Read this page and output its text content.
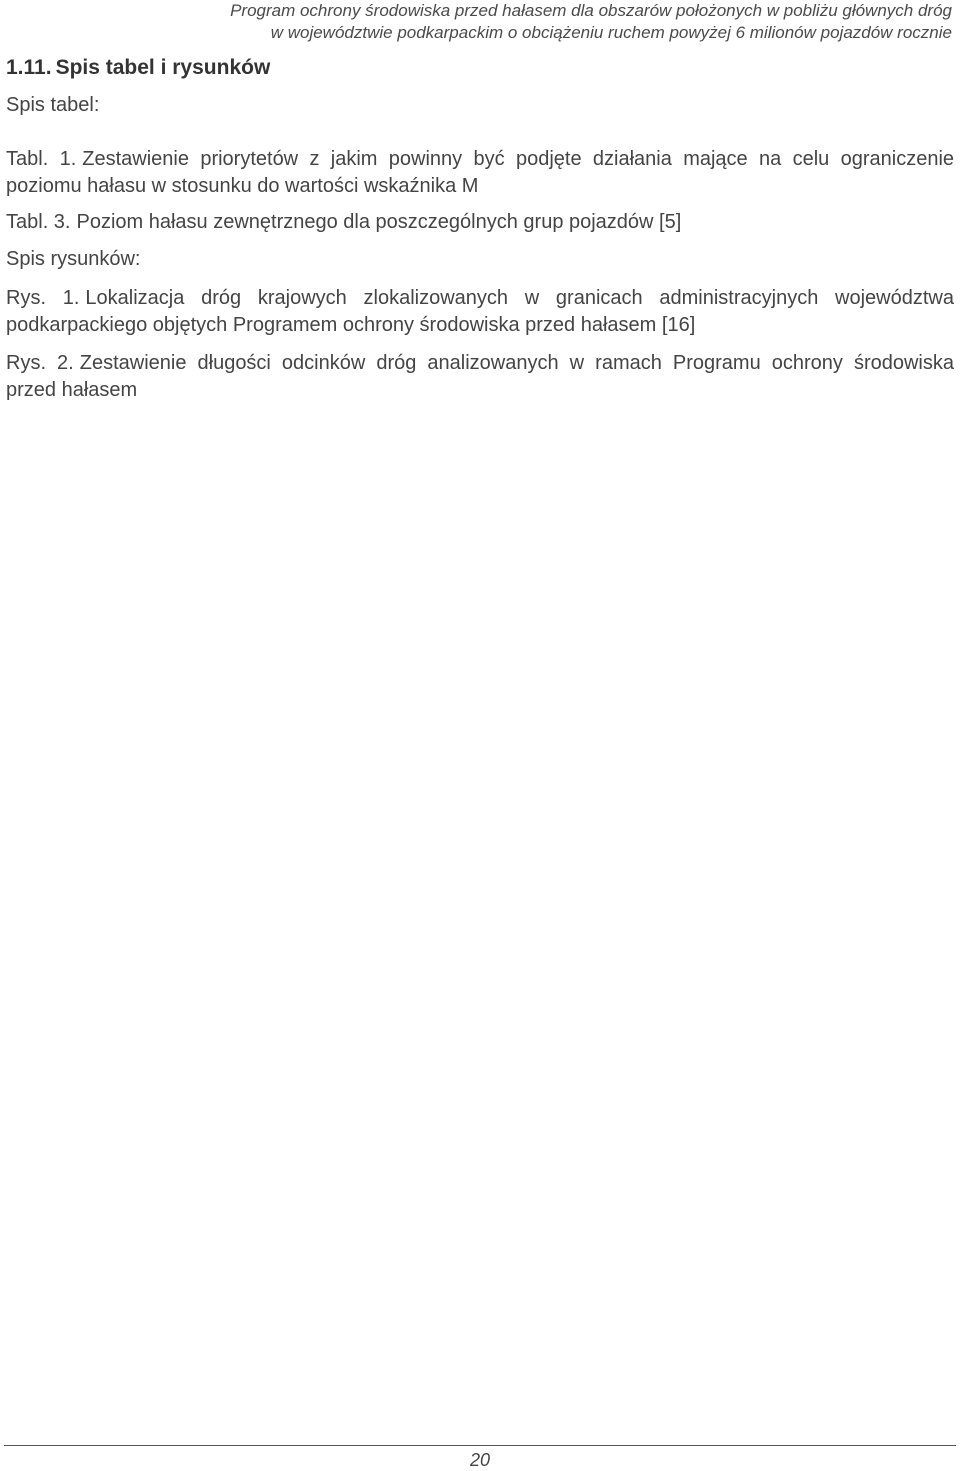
Program ochrony środowiska przed hałasem dla obszarów położonych w pobliżu głównych dróg
w województwie podkarpackim o obciążeniu ruchem powyżej 6 milionów pojazdów rocznie
1.11. Spis tabel i rysunków
Spis tabel:
Tabl. 1. Zestawienie priorytetów z jakim powinny być podjęte działania mające na celu ograniczenie poziomu hałasu w stosunku do wartości wskaźnika M
Tabl. 3. Poziom hałasu zewnętrznego dla poszczególnych grup pojazdów [5]
Spis rysunków:
Rys. 1. Lokalizacja dróg krajowych zlokalizowanych w granicach administracyjnych województwa podkarpackiego objętych Programem ochrony środowiska przed hałasem [16]
Rys. 2. Zestawienie długości odcinków dróg analizowanych w ramach Programu ochrony środowiska przed hałasem
20
